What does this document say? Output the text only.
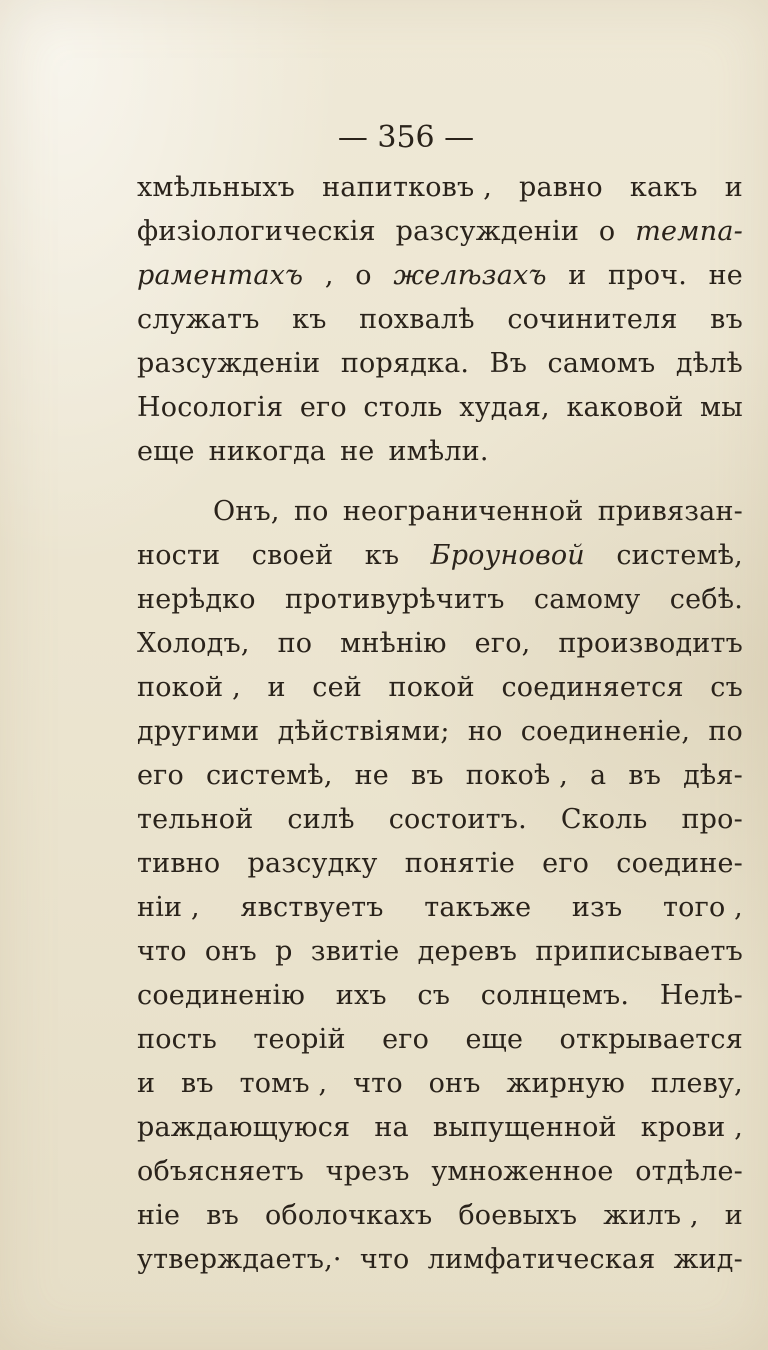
— 356 —
хмѣльныхъ напитковъ , равно какъ и
физiологическiя разсужденiи о темпа-
раментахъ , о желѣзахъ и проч. не
служатъ къ похвалѣ сочинителя въ
разсужденiи порядка. Въ самомъ дѣлѣ
Носологiя его столь худая, каковой мы
еще никогда не имѣли.
Онъ, по неограниченной привязан-
ности своей къ Броуновой системѣ,
нерѣдко противурѣчитъ самому себѣ.
Холодъ, по мнѣнiю его, производитъ
покой , и сей покой соединяется съ
другими дѣйствiями; но соединенiе, по
его системѣ, не въ покоѣ , а въ дѣя-
тельной силѣ состоитъ. Сколь про-
тивно разсудку понятiе его соедине-
нiи , явствуетъ такъже изъ того ,
что онъ р звитiе деревъ приписываетъ
соединенiю ихъ съ солнцемъ. Нелѣ-
пость теорiй его еще открывается
и въ томъ , что онъ жирную плеву,
раждающуюся на выпущенной крови ,
объясняетъ чрезъ умноженное отдѣле-
нiе въ оболочкахъ боевыхъ жилъ , и
утверждаетъ,· что лимфатическая жид-
